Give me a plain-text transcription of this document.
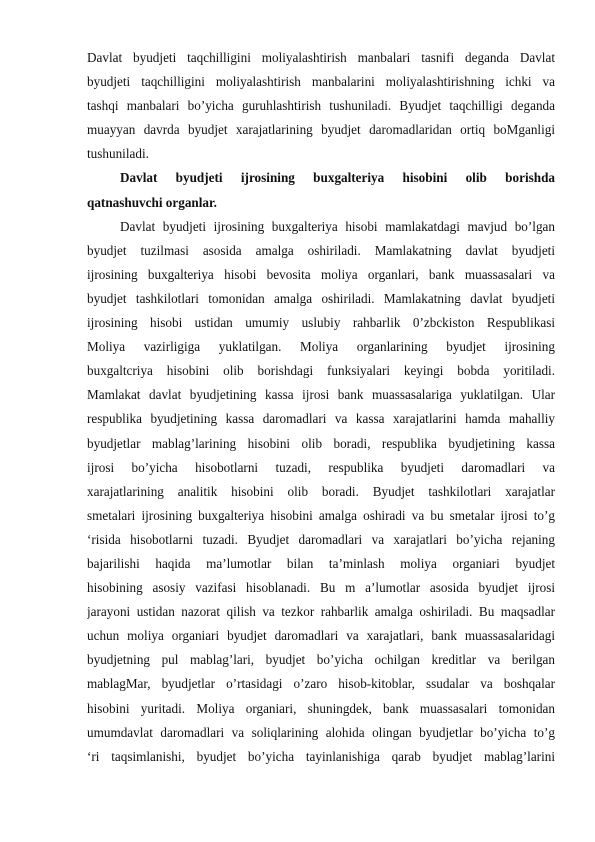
Davlat byudjeti taqchilligini moliyalashtirish manbalari tasnifi deganda Davlat
byudjeti taqchilligini moliyalashtirish manbalarini moliyalashtirishning ichki va
tashqi manbalari bo’yicha guruhlashtirish tushuniladi. Byudjet taqchilligi deganda
muayyan davrda byudjet xarajatlarining byudjet daromadlaridan ortiq boMganligi
tushuniladi.
Davlat byudjeti ijrosining buxgalteriya hisobini olib borishda
qatnashuvchi organlar.
Davlat byudjeti ijrosining buxgalteriya hisobi mamlakatdagi mavjud bo’lgan
byudjet tuzilmasi asosida amalga oshiriladi. Mamlakatning davlat byudjeti
ijrosining buxgalteriya hisobi bevosita moliya organlari, bank muassasalari va
byudjet tashkilotlari tomonidan amalga oshiriladi. Mamlakatning davlat byudjeti
ijrosining hisobi ustidan umumiy uslubiy rahbarlik 0’zbckiston Respublikasi
Moliya vazirligiga yuklatilgan. Moliya organlarining byudjet ijrosining
buxgaltcriya hisobini olib borishdagi funksiyalari keyingi bobda yoritiladi.
Mamlakat davlat byudjetining kassa ijrosi bank muassasalariga yuklatilgan. Ular
respublika byudjetining kassa daromadlari va kassa xarajatlarini hamda mahalliy
byudjetlar mablag’larining hisobini olib boradi, respublika byudjetining kassa
ijrosi bo’yicha hisobotlarni tuzadi, respublika byudjeti daromadlari va
xarajatlarining analitik hisobini olib boradi. Byudjet tashkilotlari xarajatlar
smetalari ijrosining buxgalteriya hisobini amalga oshiradi va bu smetalar ijrosi to’g
‘risida hisobotlarni tuzadi. Byudjet daromadlari va xarajatlari bo’yicha rejaning
bajarilishi haqida ma’lumotlar bilan ta’minlash moliya organiari byudjet
hisobining asosiy vazifasi hisoblanadi. Bu m a’lumotlar asosida byudjet ijrosi
jarayoni ustidan nazorat qilish va tezkor rahbarlik amalga oshiriladi. Bu maqsadlar
uchun moliya organiari byudjet daromadlari va xarajatlari, bank muassasalaridagi
byudjetning pul mablag’lari, byudjet bo’yicha ochilgan kreditlar va berilgan
mablagMar, byudjetlar o’rtasidagi o’zaro hisob-kitoblar, ssudalar va boshqalar
hisobini yuritadi. Moliya organiari, shuningdek, bank muassasalari tomonidan
umumdavlat daromadlari va soliqlarining alohida olingan byudjetlar bo’yicha to’g
‘ri taqsimlanishi, byudjet bo’yicha tayinlanishiga qarab byudjet mablag’larini
